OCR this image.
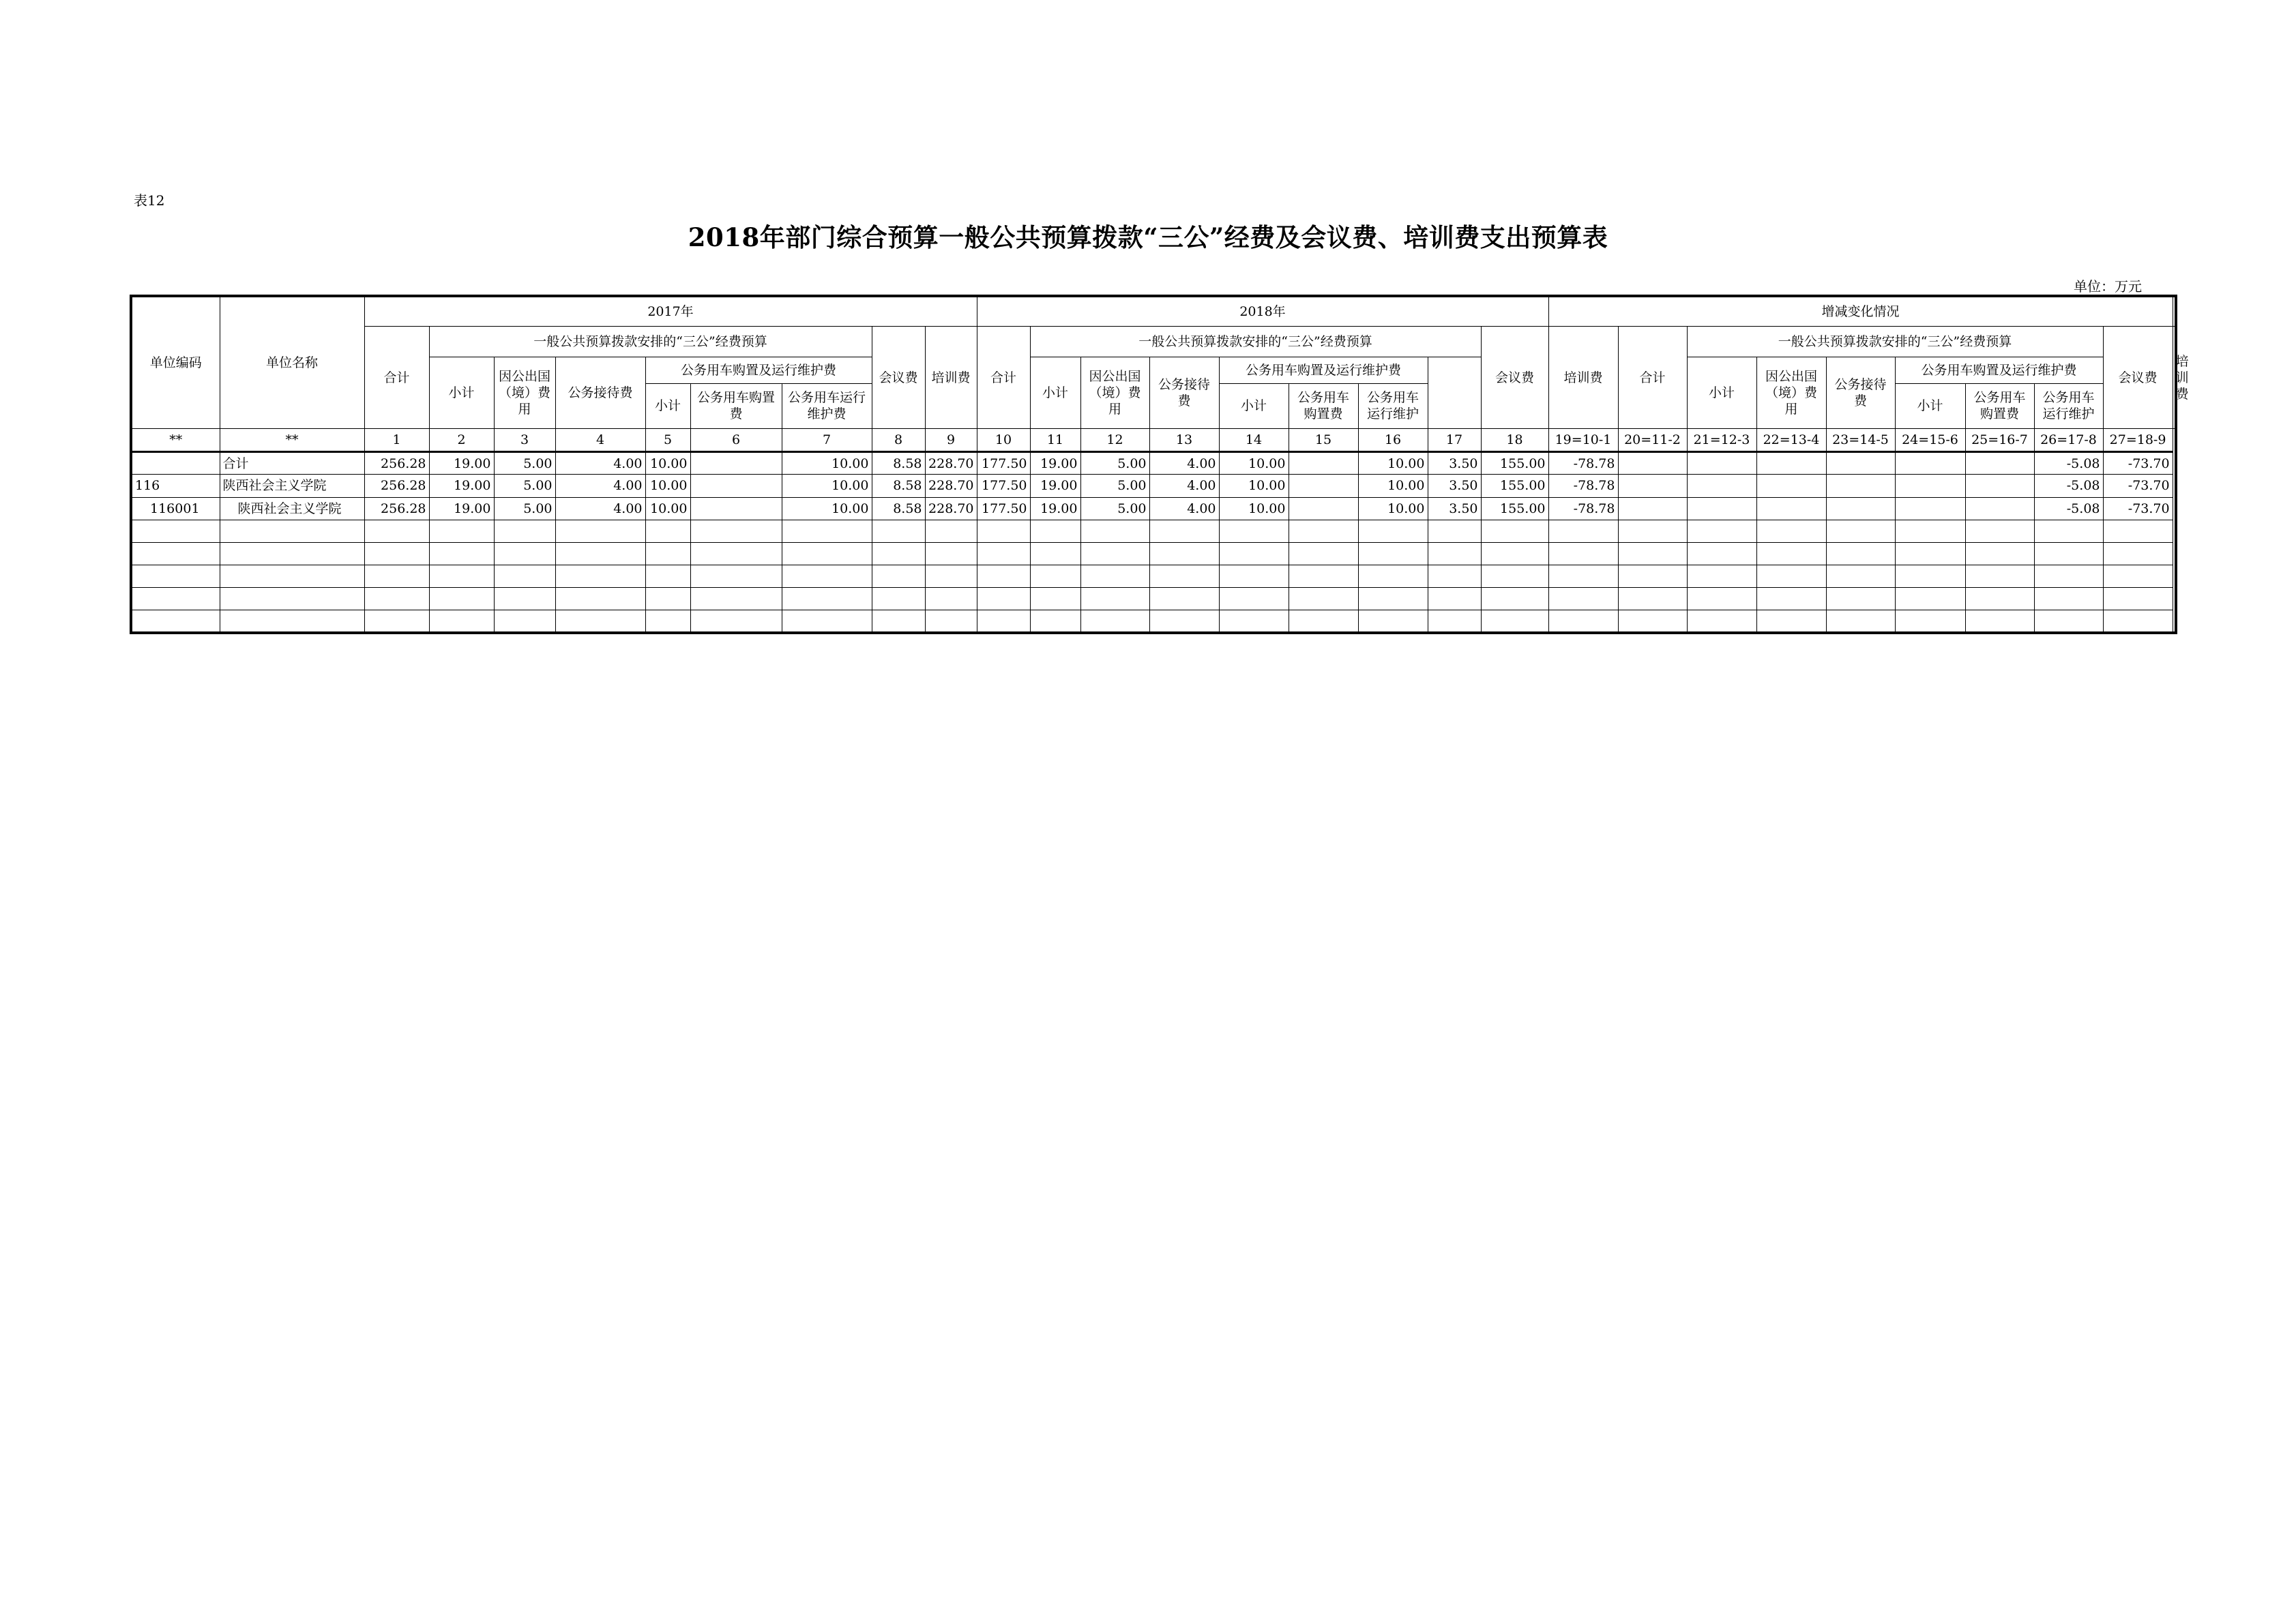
表12
2018年部门综合预算一般公共预算拨款“三公”经费及会议费、培训费支出预算表
单位：万元
单位编码	单位名称	2017年									2018年									增减变化情况									
		合计	一般公共预算拨款安排的“三公”经费预算						会议费	培训费	合计	一般公共预算拨款安排的“三公”经费预算							会议费	培训费	合计	一般公共预算拨款安排的“三公”经费预算						会议费	培训费
			小计	因公出国（境）费用	公务接待费	公务用车购置及运行维护费						小计	因公出国（境）费用	公务接待费	公务用车购置及运行维护费							小计	因公出国（境）费用	公务接待费	公务用车购置及运行维护费				
						小计	公务用车购置费	公务用车运行维护费							小计	公务用车购置费	公务用车运行维护								小计	公务用车购置费	公务用车运行维护		
**	**	1	2	3	4	5	6	7	8	9	10	11	12	13	14	15	16	17	18	19=10-1	20=11-2	21=12-3	22=13-4	23=14-5	24=15-6	25=16-7	26=17-8	27=18-9	
	合计	256.28	19.00	5.00	4.00	10.00		10.00	8.58	228.70	177.50	19.00	5.00	4.00	10.00		10.00	3.50	155.00	-78.78							-5.08	-73.70	
116	陕西社会主义学院	256.28	19.00	5.00	4.00	10.00		10.00	8.58	228.70	177.50	19.00	5.00	4.00	10.00		10.00	3.50	155.00	-78.78							-5.08	-73.70	
116001	陕西社会主义学院	256.28	19.00	5.00	4.00	10.00		10.00	8.58	228.70	177.50	19.00	5.00	4.00	10.00		10.00	3.50	155.00	-78.78							-5.08	-73.70	
